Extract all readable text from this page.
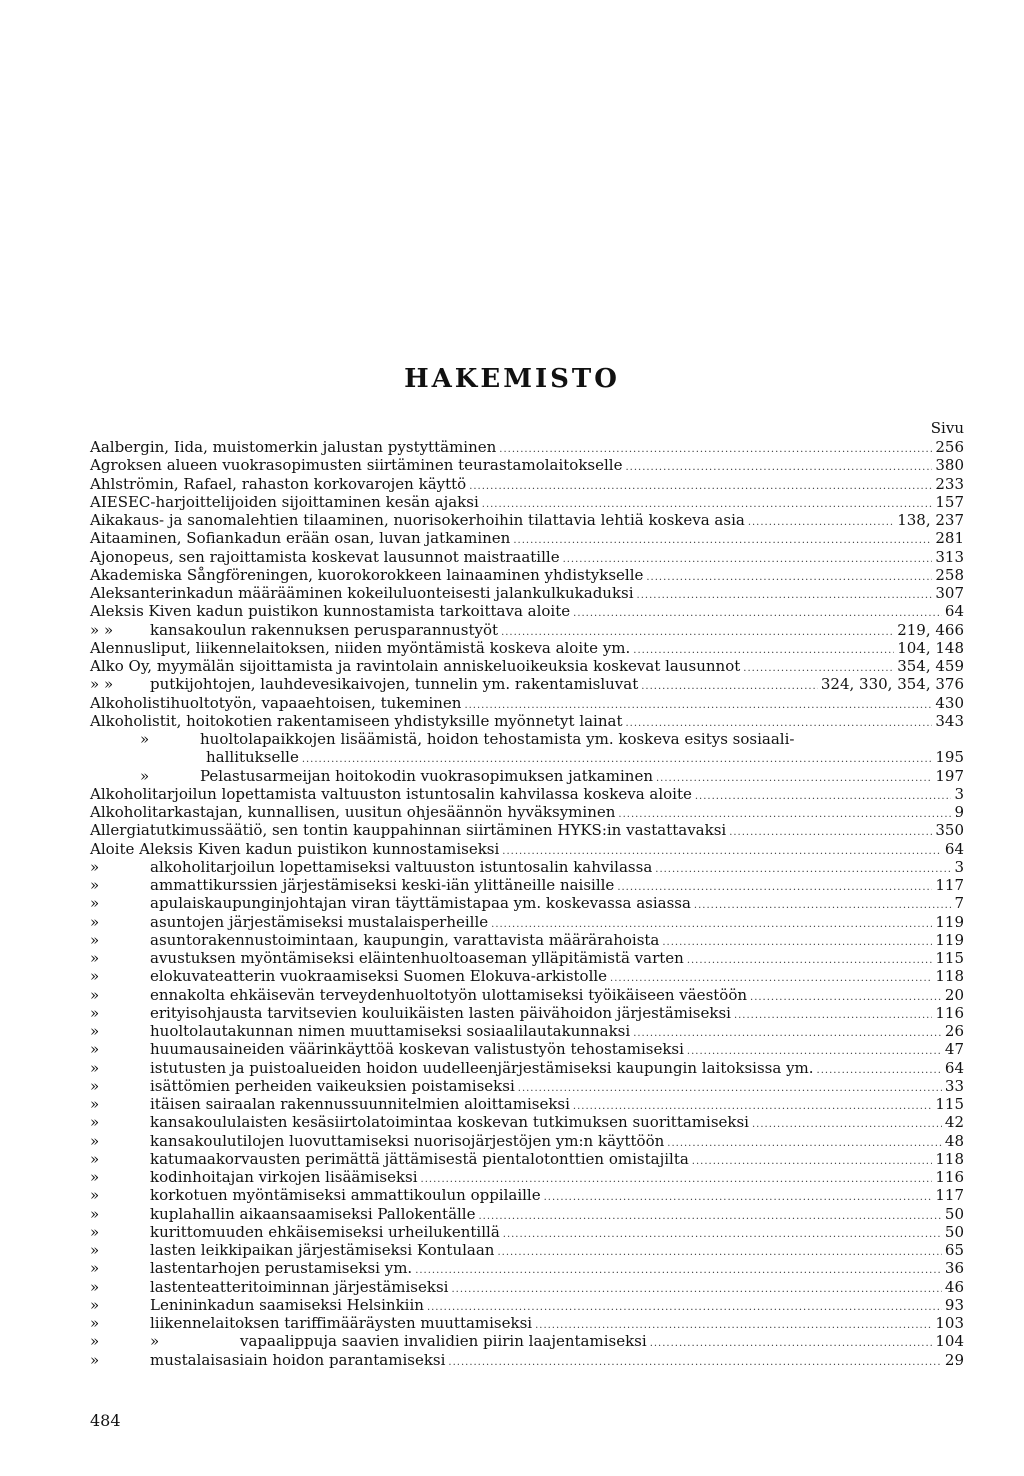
HAKEMISTO
Sivu
Aalbergin, Iida, muistomerkin jalustan pystyttäminen .....	256
Agroksen alueen vuokrasopimusten siirtäminen teurastamolaitokselle .....	380
Ahlströmin, Rafael, rahaston korkovarojen käyttö .....	233
AIESEC-harjoittelijoiden sijoittaminen kesän ajaksi .....	157
Aikakaus- ja sanomalehtien tilaaminen, nuorisokerhoihin tilattavia lehtiä koskeva asia .....	138, 237
Aitaaminen, Sofiankadun erään osan, luvan jatkaminen .....	281
Ajonopeus, sen rajoittamista koskevat lausunnot maistraatille .....	313
Akademiska Sångföreningen, kuorokorokkeen lainaaminen yhdistykselle .....	258
Aleksanterinkadun määrääminen kokeiluluonteisesti jalankulkukaduksi .....	307
Aleksis Kiven kadun puistikon kunnostamista tarkoittava aloite .....	64
» » kansakoulun rakennuksen perusparannustyöt .....	219, 466
Alennusliput, liikennelaitoksen, niiden myöntämistä koskeva aloite ym. .....	104, 148
Alko Oy, myymälän sijoittamista ja ravintolain anniskeluoikeuksia koskevat lausunnot .....	354, 459
» » putkijohtojen, lauhdevesikaivojen, tunnelin ym. rakentamisluvat .....	324, 330, 354, 376
Alkoholistihuoltotyön, vapaaehtoisen, tukeminen .....	430
Alkoholistit, hoitokotien rakentamiseen yhdistyksille myönnetyt lainat .....	343
»	huoltolapaikkojen lisäämistä, hoidon tehostamista ym. koskeva esitys sosiaali-
hallitukselle .....	195
»	Pelastusarmeijan hoitokodin vuokrasopimuksen jatkaminen .....	197
Alkoholitarjoilun lopettamista valtuuston istuntosalin kahvilassa koskeva aloite .....	3
Alkoholitarkastajan, kunnallisen, uusitun ohjesäännön hyväksyminen .....	9
Allergiatutkimussäätiö, sen tontin kauppahinnan siirtäminen HYKS:in vastattavaksi .....	350
Aloite Aleksis Kiven kadun puistikon kunnostamiseksi .....	64
»	alkoholitarjoilun lopettamiseksi valtuuston istuntosalin kahvilassa .....	3
»	ammattikurssien järjestämiseksi keski-iän ylittäneille naisille .....	117
»	apulaiskaupunginjohtajan viran täyttämistapaa ym. koskevassa asiassa .....	7
»	asuntojen järjestämiseksi mustalaisperheille .....	119
»	asuntorakennustoimintaan, kaupungin, varattavista määrärahoista .....	119
»	avustuksen myöntämiseksi eläintenhuoltoaseman ylläpitämistä varten .....	115
»	elokuvateatterin vuokraamiseksi Suomen Elokuva-arkistolle .....	118
»	ennakolta ehkäisevän terveydenhuoltotyön ulottamiseksi työikäiseen väestöön .....	20
»	erityisohjausta tarvitsevien kouluikäisten lasten päivähoidon järjestämiseksi .....	116
»	huoltolautakunnan nimen muuttamiseksi sosiaalilautakunnaksi .....	26
»	huumausaineiden väärinkäyttöä koskevan valistustyön tehostamiseksi .....	47
»	istutusten ja puistoalueiden hoidon uudelleenjärjestämiseksi kaupungin laitoksissa ym. .....	64
»	isättömien perheiden vaikeuksien poistamiseksi .....	33
»	itäisen sairaalan rakennussuunnitelmien aloittamiseksi .....	115
»	kansakoululaisten kesäsiirtolatoimintaa koskevan tutkimuksen suorittamiseksi .....	42
»	kansakoulutilojen luovuttamiseksi nuorisojärjestöjen ym:n käyttöön .....	48
»	katumaakorvausten perimättä jättämisestä pientalotonttien omistajilta .....	118
»	kodinhoitajan virkojen lisäämiseksi .....	116
»	korkotuen myöntämiseksi ammattikoulun oppilaille .....	117
»	kuplahallin aikaansaamiseksi Pallokentälle .....	50
»	kurittomuuden ehkäisemiseksi urheilukentillä .....	50
»	lasten leikkipaikan järjestämiseksi Kontulaan .....	65
»	lastentarhojen perustamiseksi ym. .....	36
»	lastenteatteritoiminnan järjestämiseksi .....	46
»	Lenininkadun saamiseksi Helsinkiin .....	93
»	liikennelaitoksen tariffimääräysten muuttamiseksi .....	103
»	»	vapaalippuja saavien invalidien piirin laajentamiseksi .....	104
»	mustalaisasiain hoidon parantamiseksi .....	29
484
